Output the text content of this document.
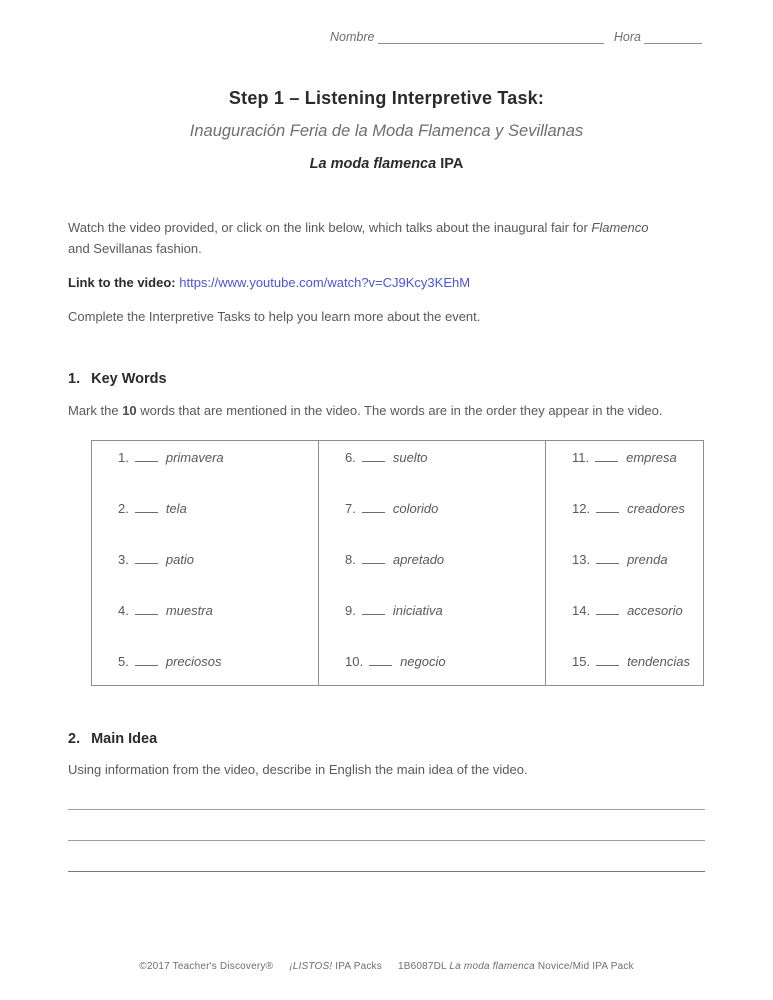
Nombre	Hora
Step 1 – Listening Interpretive Task:
Inauguración Feria de la Moda Flamenca y Sevillanas
La moda flamenca IPA

Watch the video provided, or click on the link below, which talks about the inaugural fair for Flamenco and Sevillanas fashion.

Link to the video: https://www.youtube.com/watch?v=CJ9Kcy3KEhM

Complete the Interpretive Tasks to help you learn more about the event.

1. Key Words

Mark the 10 words that are mentioned in the video. The words are in the order they appear in the video.

1.	primavera
2.	tela
3.	patio
4.	muestra
5.	preciosos

6.	suelto
7.	colorido
8.	apretado
9.	iniciativa
10.	negocio

11.	empresa
12.	creadores
13.	prenda
14.	accesorio
15.	tendencias
2. Main Idea

Using information from the video, describe in English the main idea of the video.

©2017 Teacher's Discovery® ¡LISTOS! IPA Packs 1B6087DL La moda flamenca Novice/Mid IPA Pack
